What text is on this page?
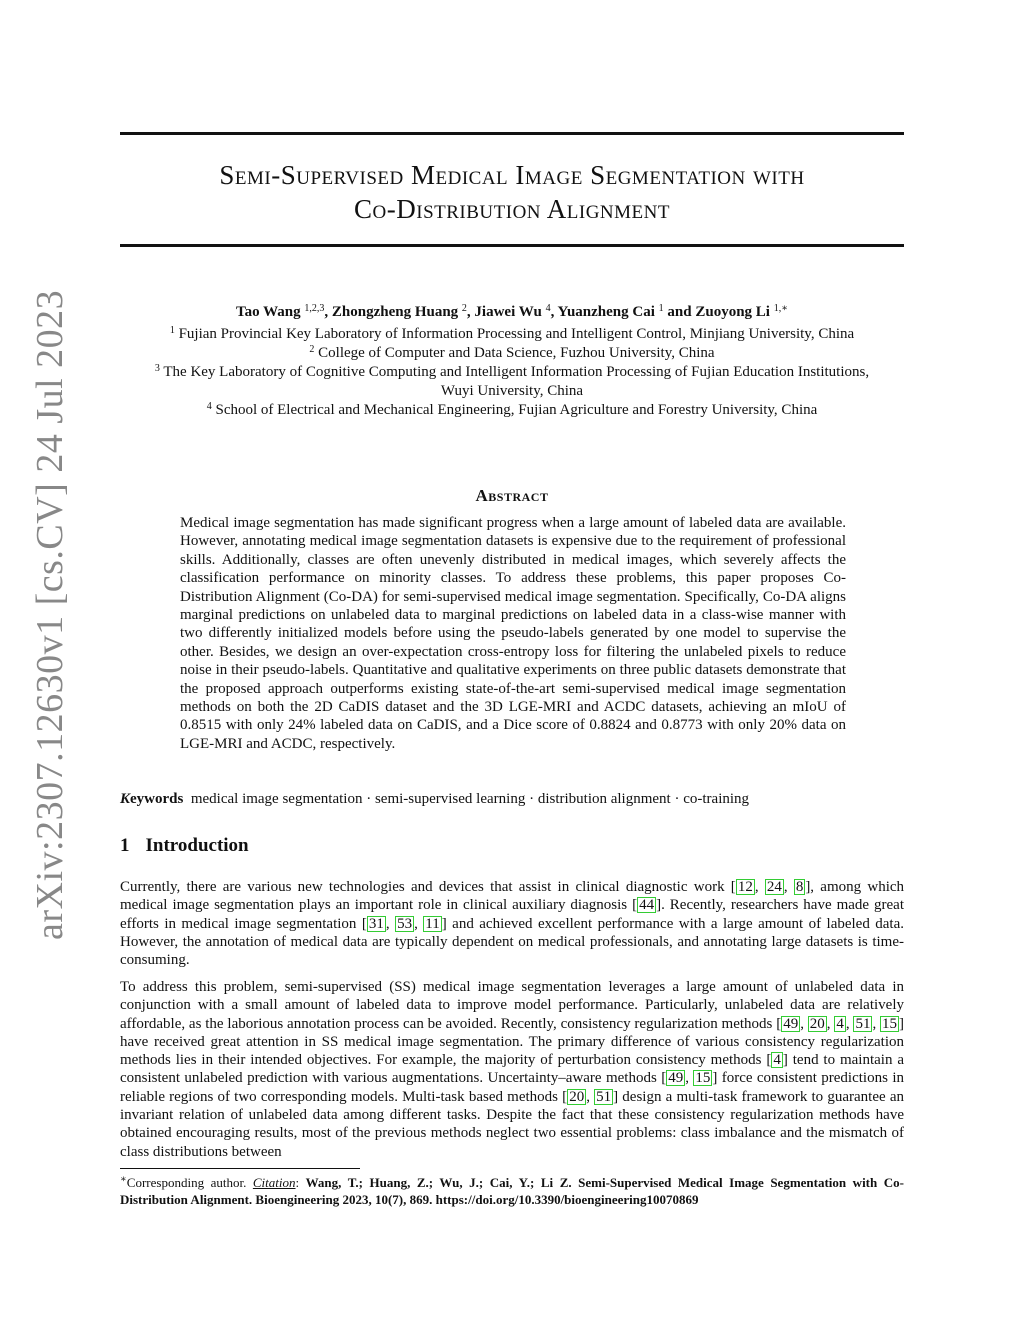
arXiv:2307.12630v1 [cs.CV] 24 Jul 2023
Semi-Supervised Medical Image Segmentation with
Co-Distribution Alignment
Tao Wang $^{1,2,3}$, Zhongzheng Huang $^2$, Jiawei Wu $^4$, Yuanzheng Cai $^1$ and Zuoyong Li $^{1,∗}$
$^1$ Fujian Provincial Key Laboratory of Information Processing and Intelligent Control, Minjiang University, China
$^2$ College of Computer and Data Science, Fuzhou University, China
$^3$ The Key Laboratory of Cognitive Computing and Intelligent Information Processing of Fujian Education Institutions,
Wuyi University, China
$^4$ School of Electrical and Mechanical Engineering, Fujian Agriculture and Forestry University, China
Abstract
Medical image segmentation has made significant progress when a large amount of labeled data are available. However, annotating medical image segmentation datasets is expensive due to the requirement of professional skills. Additionally, classes are often unevenly distributed in medical images, which severely affects the classification performance on minority classes. To address these problems, this paper proposes Co-Distribution Alignment (Co-DA) for semi-supervised medical image segmentation. Specifically, Co-DA aligns marginal predictions on unlabeled data to marginal predictions on labeled data in a class-wise manner with two differently initialized models before using the pseudo-labels generated by one model to supervise the other. Besides, we design an over-expectation cross-entropy loss for filtering the unlabeled pixels to reduce noise in their pseudo-labels. Quantitative and qualitative experiments on three public datasets demonstrate that the proposed approach outperforms existing state-of-the-art semi-supervised medical image segmentation methods on both the 2D CaDIS dataset and the 3D LGE-MRI and ACDC datasets, achieving an mIoU of 0.8515 with only 24% labeled data on CaDIS, and a Dice score of 0.8824 and 0.8773 with only 20% data on LGE-MRI and ACDC, respectively.
Keywords medical image segmentation · semi-supervised learning · distribution alignment · co-training
1 Introduction
Currently, there are various new technologies and devices that assist in clinical diagnostic work [ 12 , 24 , 8 ], among which medical image segmentation plays an important role in clinical auxiliary diagnosis [ 44 ]. Recently, researchers have made great efforts in medical image segmentation [ 31 , 53 , 11 ] and achieved excellent performance with a large amount of labeled data. However, the annotation of medical data are typically dependent on medical professionals, and annotating large datasets is time-consuming.
To address this problem, semi-supervised (SS) medical image segmentation leverages a large amount of unlabeled data in conjunction with a small amount of labeled data to improve model performance. Particularly, unlabeled data are relatively affordable, as the laborious annotation process can be avoided. Recently, consistency regularization methods [ 49 , 20 , 4 , 51 , 15 ] have received great attention in SS medical image segmentation. The primary difference of various consistency regularization methods lies in their intended objectives. For example, the majority of perturbation consistency methods [ 4 ] tend to maintain a consistent unlabeled prediction with various augmentations. Uncertainty–aware methods [ 49 , 15 ] force consistent predictions in reliable regions of two corresponding models. Multi-task based methods [ 20 , 51 ] design a multi-task framework to guarantee an invariant relation of unlabeled data among different tasks. Despite the fact that these consistency regularization methods have obtained encouraging results, most of the previous methods neglect two essential problems: class imbalance and the mismatch of class distributions between
∗Corresponding author. Citation: Wang, T.; Huang, Z.; Wu, J.; Cai, Y.; Li Z. Semi-Supervised Medical Image Segmentation with Co-Distribution Alignment. Bioengineering 2023, 10(7), 869. https://doi.org/10.3390/bioengineering10070869
